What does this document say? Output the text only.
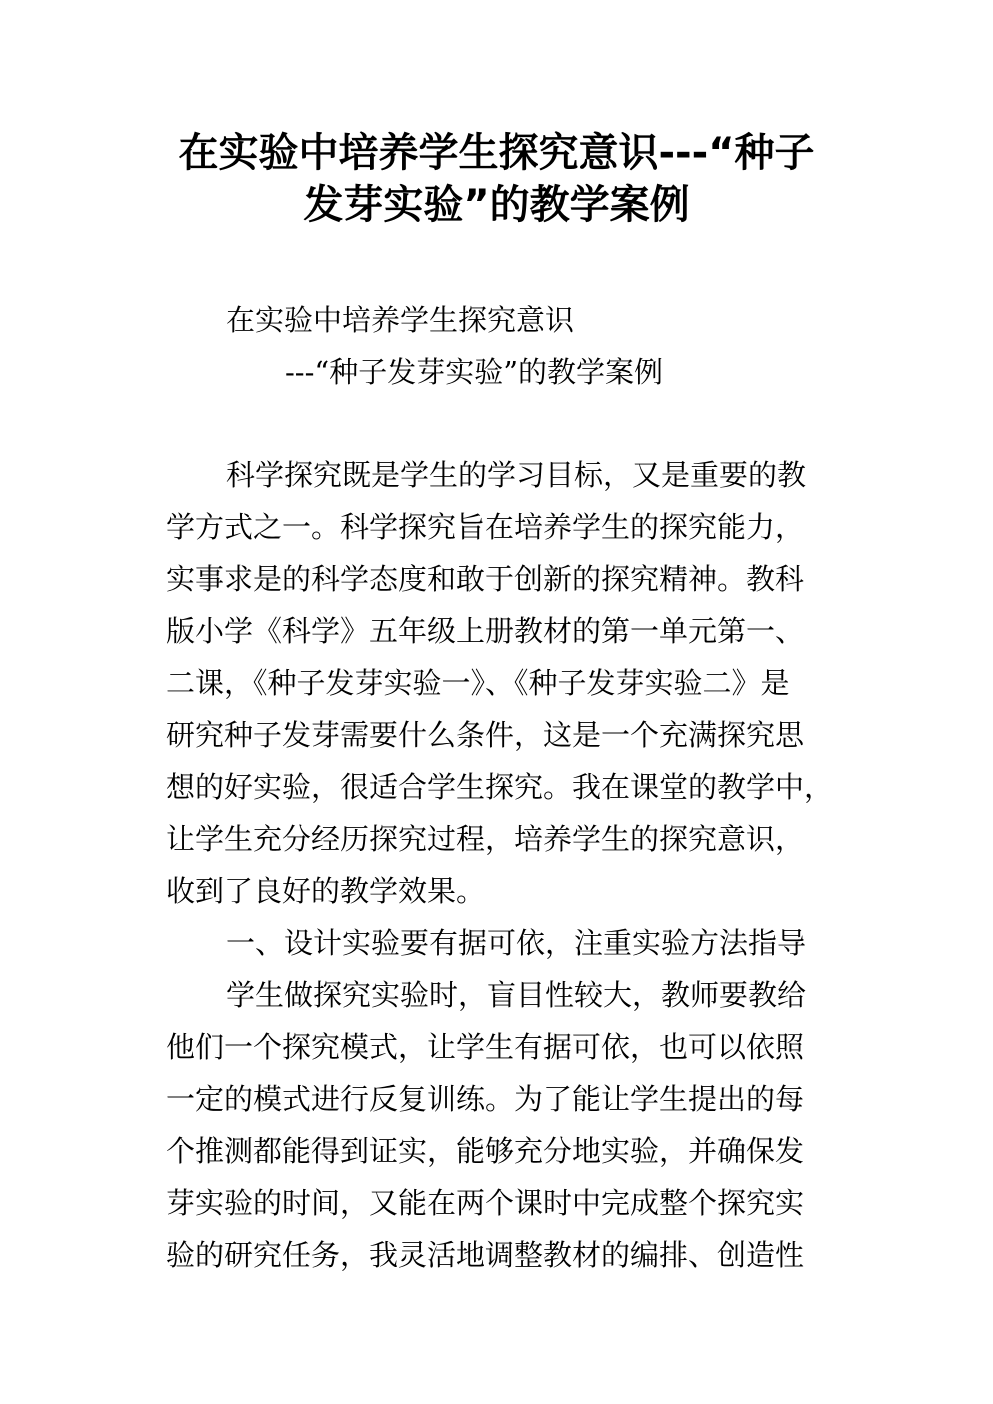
在实验中培养学生探究意识---“种子
发芽实验”的教学案例

在实验中培养学生探究意识

---“种子发芽实验”的教学案例

科学探究既是学生的学习目标，又是重要的教

学方式之一。科学探究旨在培养学生的探究能力，

实事求是的科学态度和敢于创新的探究精神。教科

版小学《科学》五年级上册教材的第一单元第一、

二课，《种子发芽实验一》、《种子发芽实验二》是

研究种子发芽需要什么条件，这是一个充满探究思

想的好实验，很适合学生探究。我在课堂的教学中，

让学生充分经历探究过程，培养学生的探究意识，

收到了良好的教学效果。

一、设计实验要有据可依，注重实验方法指导

学生做探究实验时，盲目性较大，教师要教给

他们一个探究模式，让学生有据可依，也可以依照

一定的模式进行反复训练。为了能让学生提出的每

个推测都能得到证实，能够充分地实验，并确保发

芽实验的时间，又能在两个课时中完成整个探究实

验的研究任务，我灵活地调整教材的编排、创造性
